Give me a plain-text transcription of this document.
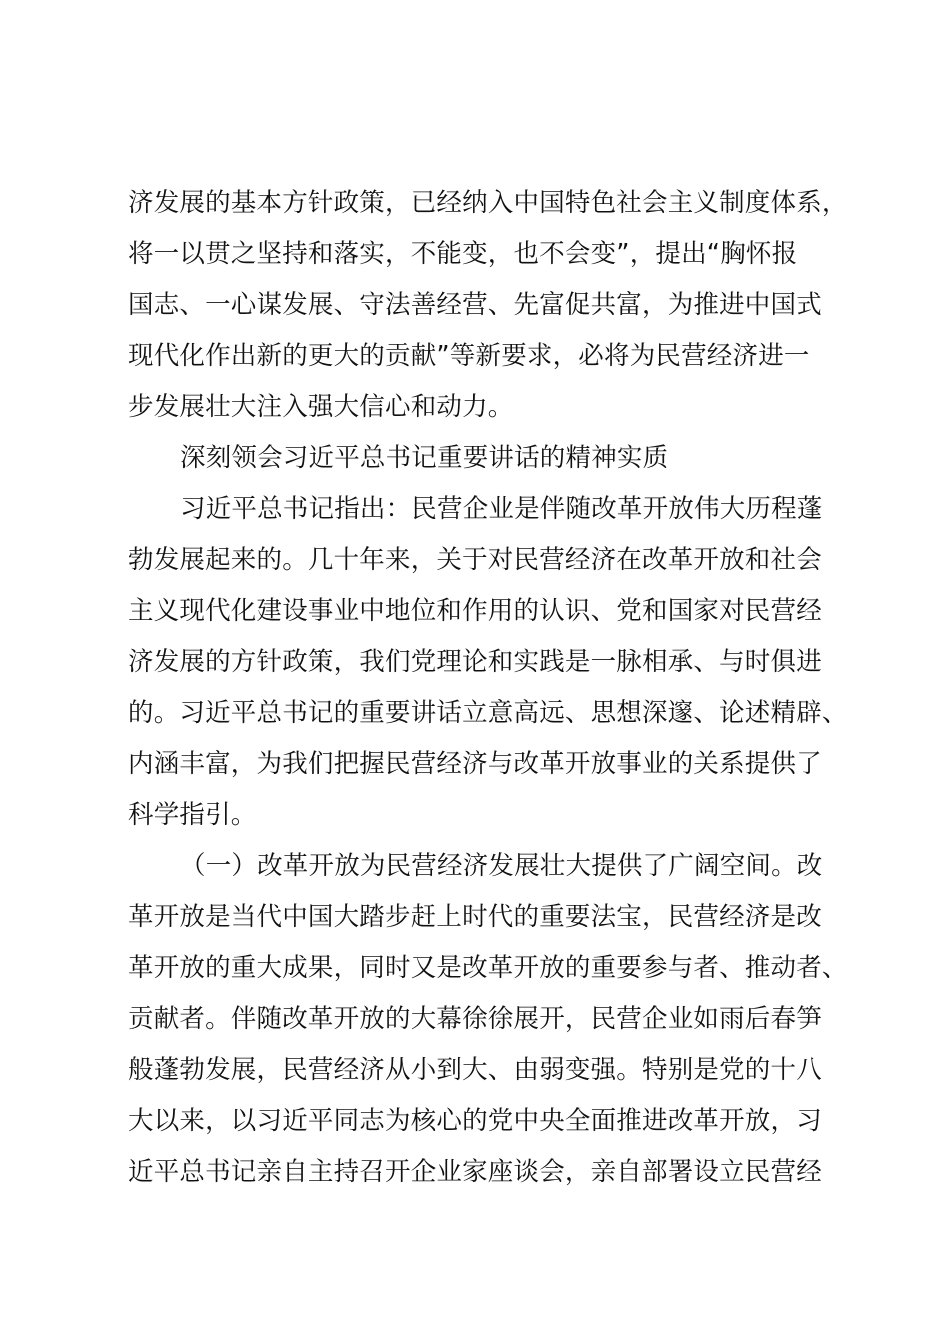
济发展的基本方针政策，已经纳入中国特色社会主义制度体系，
将一以贯之坚持和落实，不能变，也不会变”，提出“胸怀报
国志、一心谋发展、守法善经营、先富促共富，为推进中国式
现代化作出新的更大的贡献”等新要求，必将为民营经济进一
步发展壮大注入强大信心和动力。
深刻领会习近平总书记重要讲话的精神实质
习近平总书记指出：民营企业是伴随改革开放伟大历程蓬
勃发展起来的。几十年来，关于对民营经济在改革开放和社会
主义现代化建设事业中地位和作用的认识、党和国家对民营经
济发展的方针政策，我们党理论和实践是一脉相承、与时俱进
的。习近平总书记的重要讲话立意高远、思想深邃、论述精辟、
内涵丰富，为我们把握民营经济与改革开放事业的关系提供了
科学指引。
（一）改革开放为民营经济发展壮大提供了广阔空间。改
革开放是当代中国大踏步赶上时代的重要法宝，民营经济是改
革开放的重大成果，同时又是改革开放的重要参与者、推动者、
贡献者。伴随改革开放的大幕徐徐展开，民营企业如雨后春笋
般蓬勃发展，民营经济从小到大、由弱变强。特别是党的十八
大以来，以习近平同志为核心的党中央全面推进改革开放，习
近平总书记亲自主持召开企业家座谈会，亲自部署设立民营经
